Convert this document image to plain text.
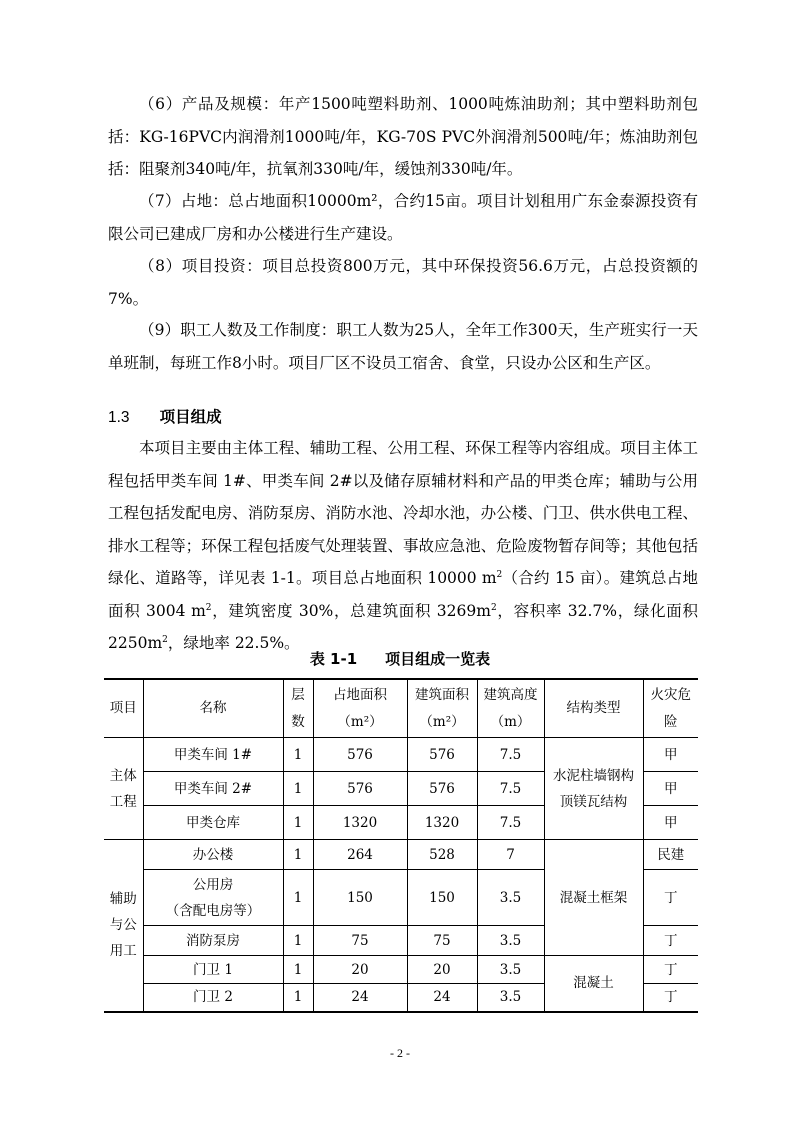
（6）产品及规模：年产1500吨塑料助剂、1000吨炼油助剂；其中塑料助剂包括：KG-16PVC内润滑剂1000吨/年，KG-70S PVC外润滑剂500吨/年；炼油助剂包括：阻聚剂340吨/年，抗氧剂330吨/年，缓蚀剂330吨/年。

（7）占地：总占地面积10000m²，合约15亩。项目计划租用广东金泰源投资有限公司已建成厂房和办公楼进行生产建设。

（8）项目投资：项目总投资800万元，其中环保投资56.6万元，占总投资额的7%。

（9）职工人数及工作制度：职工人数为25人，全年工作300天，生产班实行一天单班制，每班工作8小时。项目厂区不设员工宿舍、食堂，只设办公区和生产区。

1.3 项目组成

本项目主要由主体工程、辅助工程、公用工程、环保工程等内容组成。项目主体工程包括甲类车间 1#、甲类车间 2#以及储存原辅材料和产品的甲类仓库；辅助与公用工程包括发配电房、消防泵房、消防水池、冷却水池，办公楼、门卫、供水供电工程、排水工程等；环保工程包括废气处理装置、事故应急池、危险废物暂存间等；其他包括绿化、道路等，详见表 1-1。项目总占地面积 10000 $m^2$（合约 15 亩）。建筑总占地面积 3004 $m^2$，建筑密度 30%，总建筑面积 $3269m^2$，容积率 32.7%，绿化面积 $2250m^2$，绿地率 22.5%。

表 1-1 项目组成一览表
项目	名称	层数	占地面积（m²）	建筑面积（m²）	建筑高度（m）	结构类型	火灾危险
主体工程	甲类车间 1#	1	576	576	7.5	水泥柱墙钢构顶镁瓦结构	甲
	甲类车间 2#	1	576	576	7.5		甲
	甲类仓库	1	1320	1320	7.5		甲
辅助与公用工	办公楼	1	264	528	7	混凝土框架	民建
	公用房
（含配电房等）	1	150	150	3.5		丁
	消防泵房	1	75	75	3.5		丁
	门卫 1	1	20	20	3.5	混凝土	丁
	门卫 2	1	24	24	3.5		丁
- 2 -
